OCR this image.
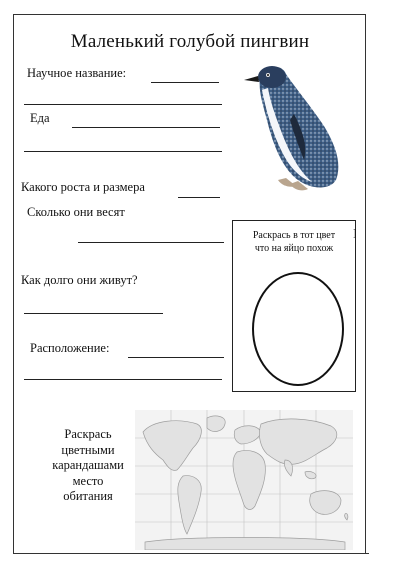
Маленький голубой пингвин
Научное название:
Еда
Какого роста и размера
Сколько они весят
Как долго они живут?
Расположение:
Раскрась в тот цвет
что на яйцо похож
]
Раскрась
цветными
карандашами
место
обитания
